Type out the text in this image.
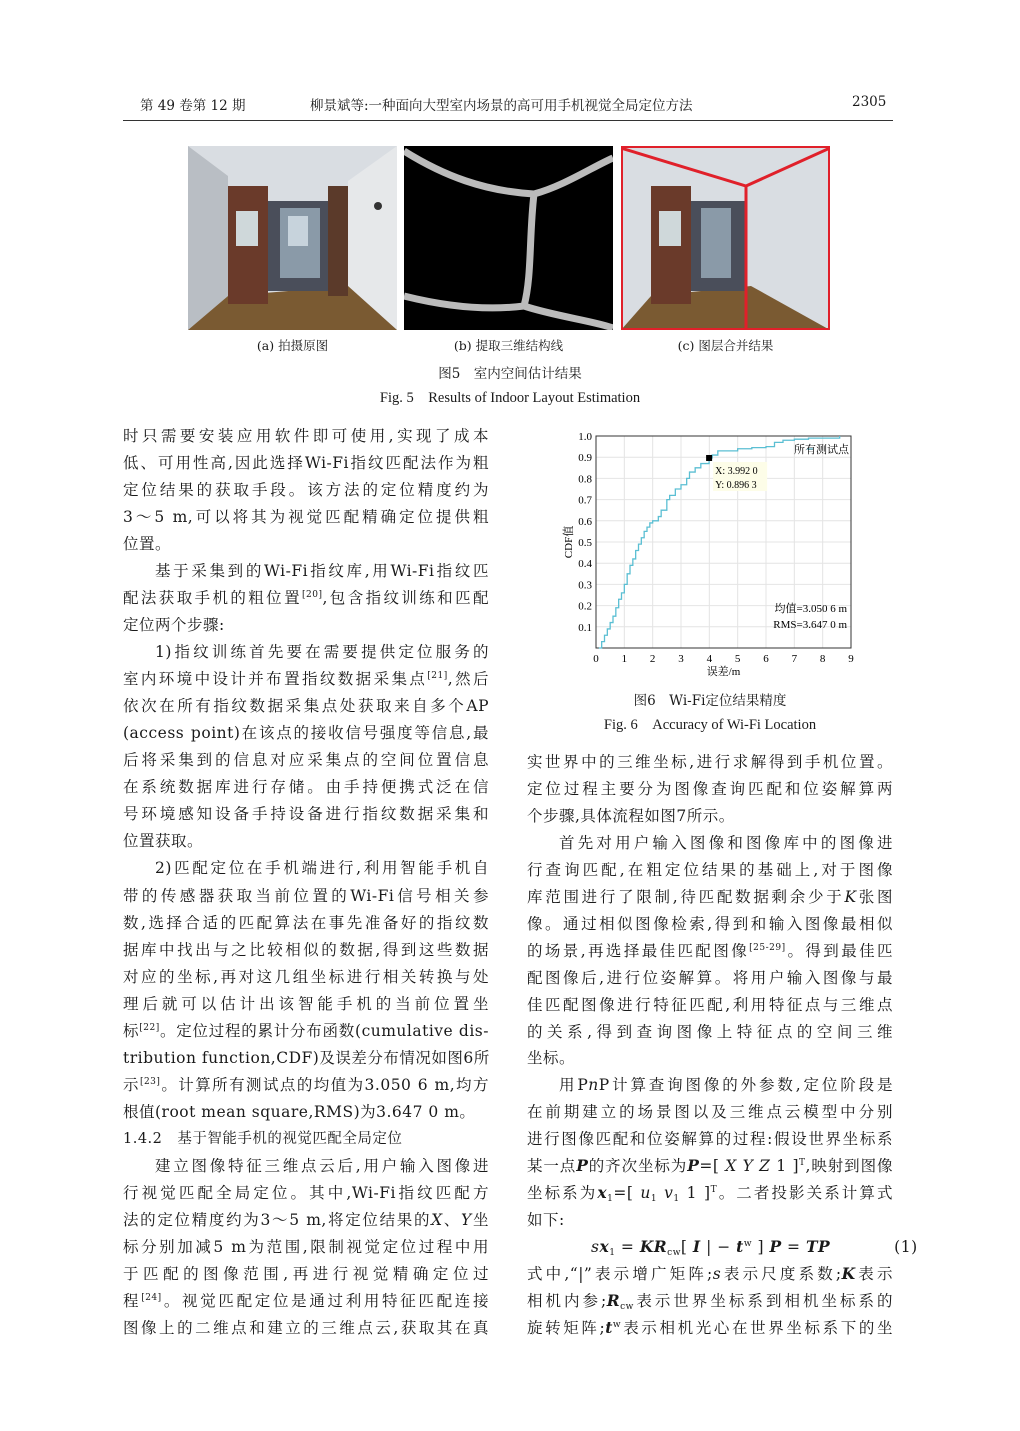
第 49 卷第 12 期	柳景斌等:一种面向大型室内场景的高可用手机视觉全局定位方法	2305
(a) 拍摄原图	(b) 提取三维结构线	(c) 图层合并结果
图5　室内空间估计结果
Fig. 5　Results of Indoor Layout Estimation
0 1 2 3 4 5 6 7 8 9
0.1
0.2
0.3
0.4
0.5
0.6
0.7
0.8
0.9
1.0
误差/m
CDF值
所有测试点
X: 3.992 0
Y: 0.896 3
均值=3.050 6 m
RMS=3.647 0 m
图6　Wi-Fi定位结果精度
Fig. 6　Accuracy of Wi-Fi Location
时只需要安装应用软件即可使用,实现了成本
低、可用性高,因此选择Wi-Fi指纹匹配法作为粗
定位结果的获取手段。该方法的定位精度约为
3～5 m,可以将其为视觉匹配精确定位提供粗
位置。
基于采集到的Wi-Fi指纹库,用Wi-Fi指纹匹
配法获取手机的粗位置[20],包含指纹训练和匹配
定位两个步骤:
1)指纹训练首先要在需要提供定位服务的
室内环境中设计并布置指纹数据采集点[21],然后
依次在所有指纹数据采集点处获取来自多个AP
(access point)在该点的接收信号强度等信息,最
后将采集到的信息对应采集点的空间位置信息
在系统数据库进行存储。由手持便携式泛在信
号环境感知设备手持设备进行指纹数据采集和
位置获取。
2)匹配定位在手机端进行,利用智能手机自
带的传感器获取当前位置的Wi-Fi信号相关参
数,选择合适的匹配算法在事先准备好的指纹数
据库中找出与之比较相似的数据,得到这些数据
对应的坐标,再对这几组坐标进行相关转换与处
理后就可以估计出该智能手机的当前位置坐
标[22]。定位过程的累计分布函数(cumulative dis-
tribution function,CDF)及误差分布情况如图6所
示[23]。计算所有测试点的均值为3.050 6 m,均方
根值(root mean square,RMS)为3.647 0 m。
1.4.2　基于智能手机的视觉匹配全局定位
建立图像特征三维点云后,用户输入图像进
行视觉匹配全局定位。其中,Wi-Fi指纹匹配方
法的定位精度约为3～5 m,将定位结果的X、Y坐
标分别加减5 m为范围,限制视觉定位过程中用
于匹配的图像范围,再进行视觉精确定位过
程[24]。视觉匹配定位是通过利用特征匹配连接
图像上的二维点和建立的三维点云,获取其在真
实世界中的三维坐标,进行求解得到手机位置。
定位过程主要分为图像查询匹配和位姿解算两
个步骤,具体流程如图7所示。
首先对用户输入图像和图像库中的图像进
行查询匹配,在粗定位结果的基础上,对于图像
库范围进行了限制,待匹配数据剩余少于K张图
像。通过相似图像检索,得到和输入图像最相似
的场景,再选择最佳匹配图像[25-29]。得到最佳匹
配图像后,进行位姿解算。将用户输入图像与最
佳匹配图像进行特征匹配,利用特征点与三维点
的关系,得到查询图像上特征点的空间三维
坐标。
用PnP计算查询图像的外参数,定位阶段是
在前期建立的场景图以及三维点云模型中分别
进行图像匹配和位姿解算的过程:假设世界坐标系
某一点P的齐次坐标为P=[ X Y Z 1 ]$^T$,映射到图像
坐标系为$x_1=$[ $u_1$ $v_1$ 1 ]$^T$。二者投影关系计算式
如下:
　　　　$sx_1 = KR_{cw}$[ I | − $t^w$ ] P = TP　　　　(1)
式中,“|”表示增广矩阵;s表示尺度系数;K表示
相机内参$;R_{cw}$表示世界坐标系到相机坐标系的
旋转矩阵$;t^w$表示相机光心在世界坐标系下的坐
